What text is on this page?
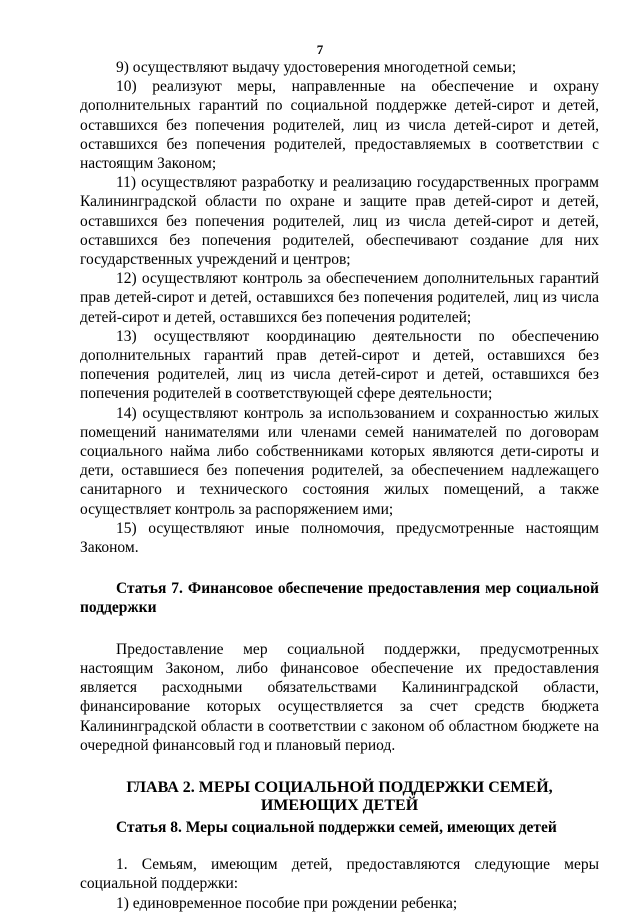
7

9) осуществляют выдачу удостоверения многодетной семьи;

10) реализуют меры, направленные на обеспечение и охрану дополнительных гарантий по социальной поддержке детей-сирот и детей, оставшихся без попечения родителей, лиц из числа детей-сирот и детей, оставшихся без попечения родителей, предоставляемых в соответствии с настоящим Законом;

11) осуществляют разработку и реализацию государственных программ Калининградской области по охране и защите прав детей-сирот и детей, оставшихся без попечения родителей, лиц из числа детей-сирот и детей, оставшихся без попечения родителей, обеспечивают создание для них государственных учреждений и центров;

12) осуществляют контроль за обеспечением дополнительных гарантий прав детей-сирот и детей, оставшихся без попечения родителей, лиц из числа детей-сирот и детей, оставшихся без попечения родителей;

13) осуществляют координацию деятельности по обеспечению дополнительных гарантий прав детей-сирот и детей, оставшихся без попечения родителей, лиц из числа детей-сирот и детей, оставшихся без попечения родителей в соответствующей сфере деятельности;

14) осуществляют контроль за использованием и сохранностью жилых помещений нанимателями или членами семей нанимателей по договорам социального найма либо собственниками которых являются дети-сироты и дети, оставшиеся без попечения родителей, за обеспечением надлежащего санитарного и технического состояния жилых помещений, а также осуществляет контроль за распоряжением ими;

15) осуществляют иные полномочия, предусмотренные настоящим Законом.

Статья 7. Финансовое обеспечение предоставления мер социальной поддержки

Предоставление мер социальной поддержки, предусмотренных настоящим Законом, либо финансовое обеспечение их предоставления является расходными обязательствами Калининградской области, финансирование которых осуществляется за счет средств бюджета Калининградской области в соответствии с законом об областном бюджете на очередной финансовый год и плановый период.

ГЛАВА 2. МЕРЫ СОЦИАЛЬНОЙ ПОДДЕРЖКИ СЕМЕЙ,
ИМЕЮЩИХ ДЕТЕЙ

Статья 8. Меры социальной поддержки семей, имеющих детей

1. Семьям, имеющим детей, предоставляются следующие меры социальной поддержки:

1) единовременное пособие при рождении ребенка;
